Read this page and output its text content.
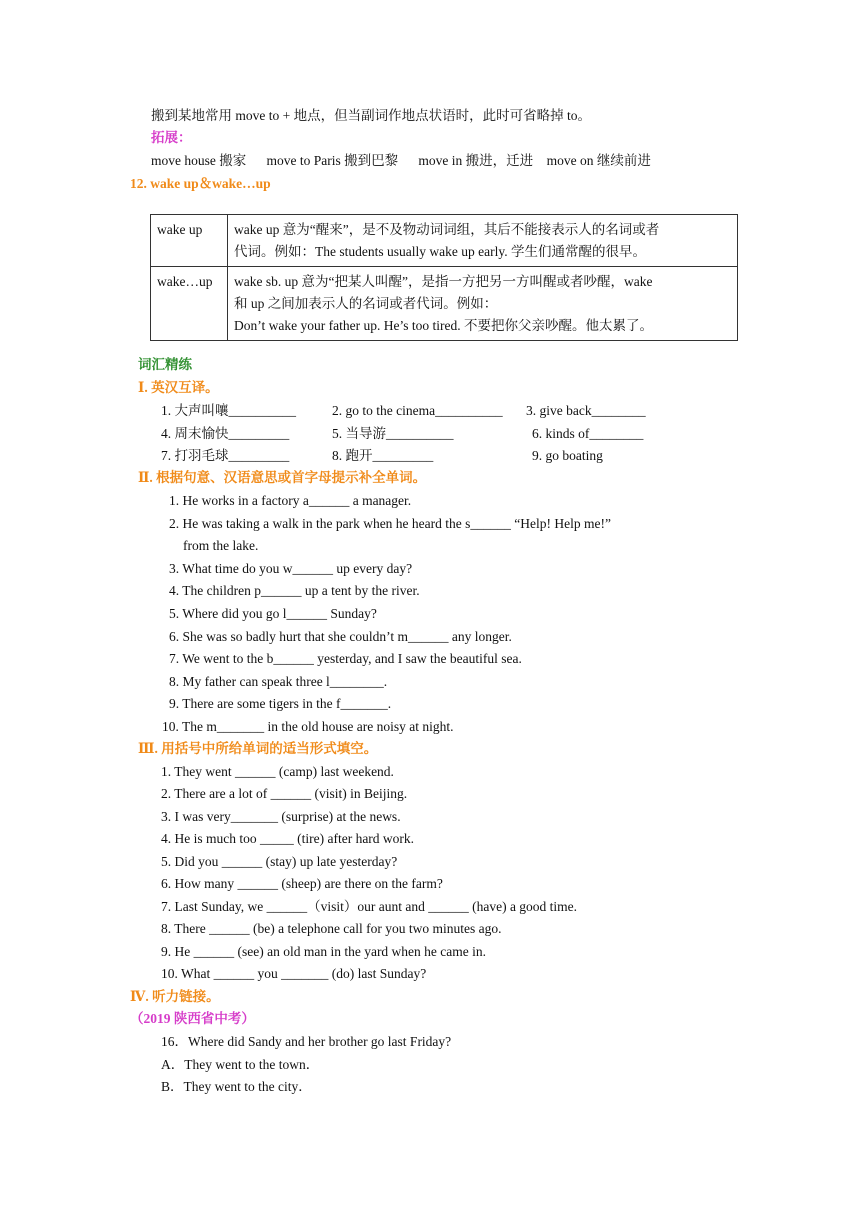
搬到某地常用 move to + 地点，但当副词作地点状语时，此时可省略掉 to。
拓展：
move house 搬家      move to Paris 搬到巴黎      move in 搬进，迁进    move on 继续前进
12. wake up＆wake…up
wake up	wake up 意为“醒来”，是不及物动词词组，其后不能接表示人的名词或者
代词。例如：The students usually wake up early. 学生们通常醒的很早。

wake…up	wake sb. up 意为“把某人叫醒”，是指一方把另一方叫醒或者吵醒，wake
和 up 之间加表示人的名词或者代词。例如：
Don’t wake your father up. He’s too tired. 不要把你父亲吵醒。他太累了。
词汇精练
Ⅰ. 英汉互译。
1. 大声叫嚷__________	2. go to the cinema__________ 3. give back________
4. 周末愉快_________	5. 当导游__________	6. kinds of________
7. 打羽毛球_________	8. 跑开_________	9. go boating
Ⅱ. 根据句意、汉语意思或首字母提示补全单词。
1. He works in a factory a______ a manager.
2. He was taking a walk in the park when he heard the s______ “Help! Help me!”
from the lake.
3. What time do you w______ up every day?
4. The children p______ up a tent by the river.
5. Where did you go l______ Sunday?
6. She was so badly hurt that she couldn’t m______ any longer.
7. We went to the b______ yesterday, and I saw the beautiful sea.
8. My father can speak three l________.
9. There are some tigers in the f_______.
10. The m_______ in the old house are noisy at night.
Ⅲ. 用括号中所给单词的适当形式填空。
1. They went ______ (camp) last weekend.
2. There are a lot of ______ (visit) in Beijing.
3. I was very_______ (surprise) at the news.
4. He is much too _____ (tire) after hard work.
5. Did you ______ (stay) up late yesterday?
6. How many ______ (sheep) are there on the farm?
7. Last Sunday, we ______（visit）our aunt and ______ (have) a good time.
8. There ______ (be) a telephone call for you two minutes ago.
9. He ______ (see) an old man in the yard when he came in.
10. What ______ you _______ (do) last Sunday?
Ⅳ. 听力链接。
（2019 陕西省中考）
16．Where did Sandy and her brother go last Friday?
A．They went to the town．
B．They went to the city．
